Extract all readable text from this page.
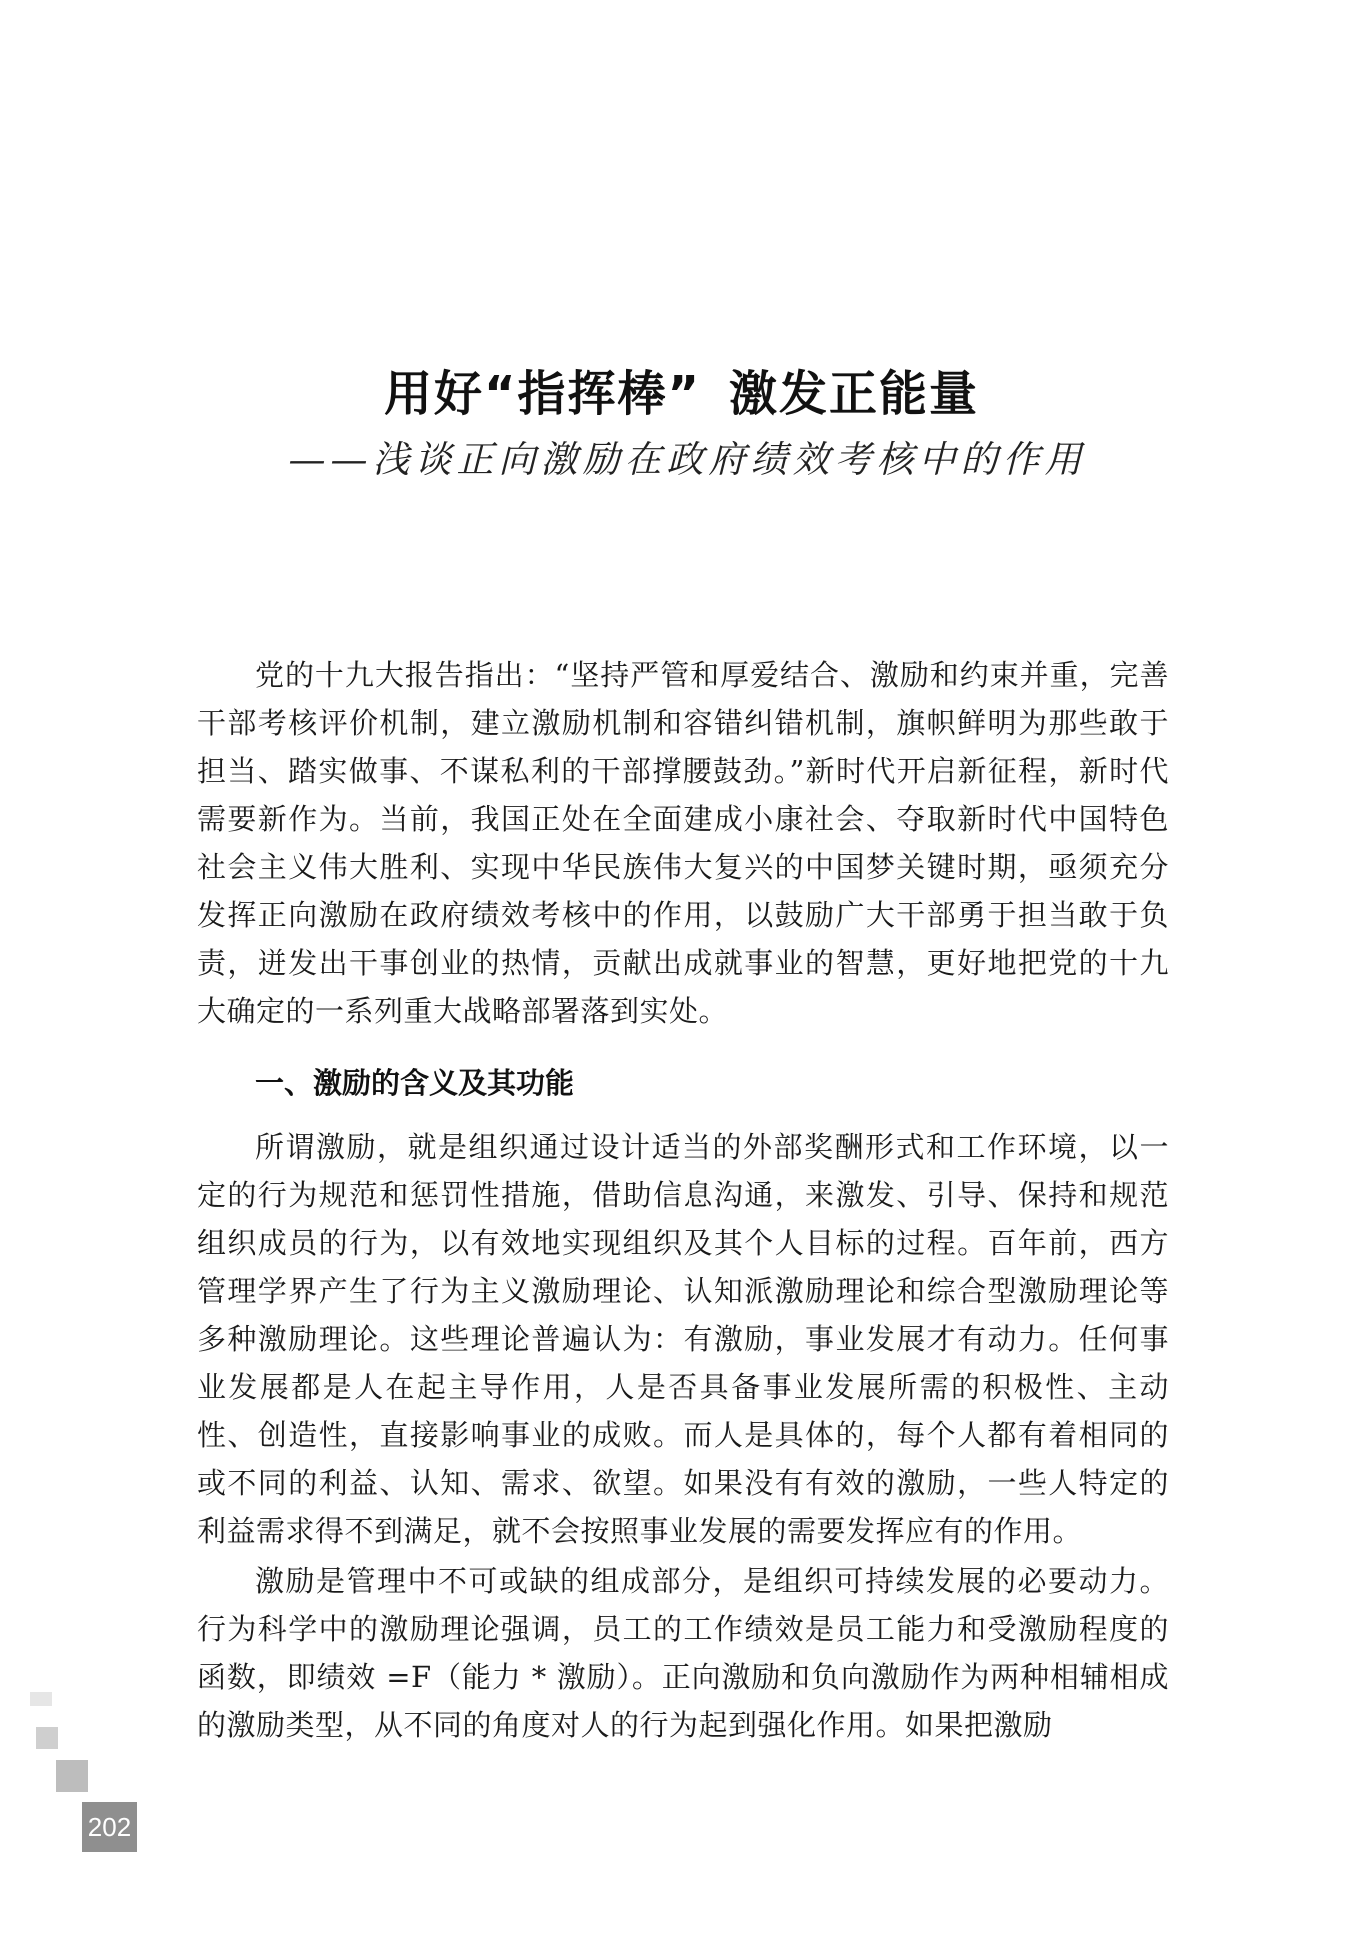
用好“指挥棒” 激发正能量
——浅谈正向激励在政府绩效考核中的作用

党的十九大报告指出：“坚持严管和厚爱结合、激励和约束并重，完善干部考核评价机制，建立激励机制和容错纠错机制，旗帜鲜明为那些敢于担当、踏实做事、不谋私利的干部撑腰鼓劲。”新时代开启新征程，新时代需要新作为。当前，我国正处在全面建成小康社会、夺取新时代中国特色社会主义伟大胜利、实现中华民族伟大复兴的中国梦关键时期，亟须充分发挥正向激励在政府绩效考核中的作用，以鼓励广大干部勇于担当敢于负责，迸发出干事创业的热情，贡献出成就事业的智慧，更好地把党的十九大确定的一系列重大战略部署落到实处。

一、激励的含义及其功能

所谓激励，就是组织通过设计适当的外部奖酬形式和工作环境，以一定的行为规范和惩罚性措施，借助信息沟通，来激发、引导、保持和规范组织成员的行为，以有效地实现组织及其个人目标的过程。百年前，西方管理学界产生了行为主义激励理论、认知派激励理论和综合型激励理论等多种激励理论。这些理论普遍认为：有激励，事业发展才有动力。任何事业发展都是人在起主导作用，人是否具备事业发展所需的积极性、主动性、创造性，直接影响事业的成败。而人是具体的，每个人都有着相同的或不同的利益、认知、需求、欲望。如果没有有效的激励，一些人特定的利益需求得不到满足，就不会按照事业发展的需要发挥应有的作用。

激励是管理中不可或缺的组成部分，是组织可持续发展的必要动力。行为科学中的激励理论强调，员工的工作绩效是员工能力和受激励程度的函数，即绩效 =F（能力 * 激励）。正向激励和负向激励作为两种相辅相成的激励类型，从不同的角度对人的行为起到强化作用。如果把激励

202
